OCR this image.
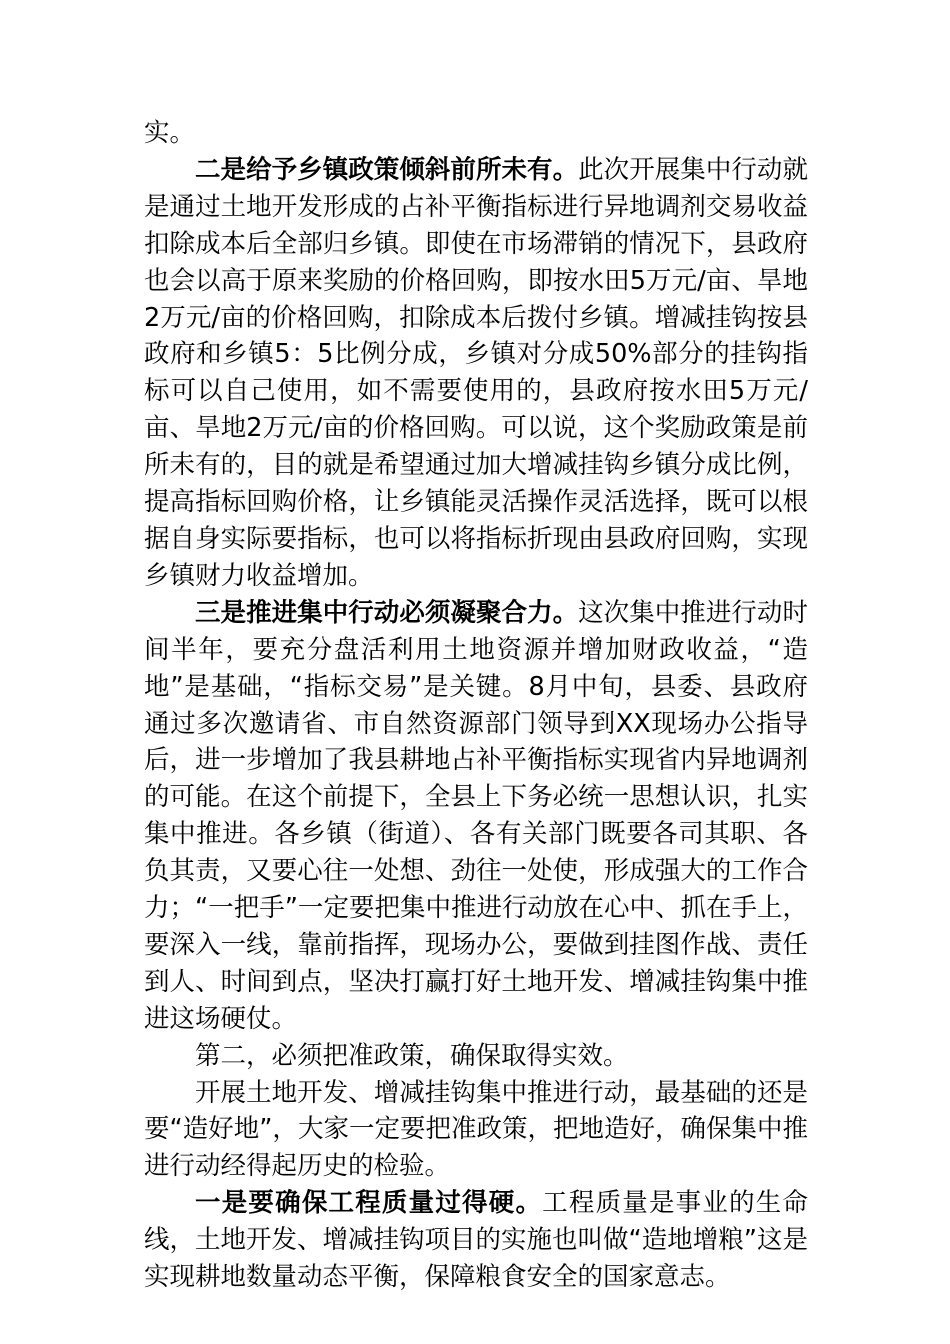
实。

二是给予乡镇政策倾斜前所未有。此次开展集中行动就是通过土地开发形成的占补平衡指标进行异地调剂交易收益扣除成本后全部归乡镇。即使在市场滞销的情况下，县政府也会以高于原来奖励的价格回购，即按水田5万元/亩、旱地2万元/亩的价格回购，扣除成本后拨付乡镇。增减挂钩按县政府和乡镇5：5比例分成，乡镇对分成50%部分的挂钩指标可以自己使用，如不需要使用的，县政府按水田5万元/亩、旱地2万元/亩的价格回购。可以说，这个奖励政策是前所未有的，目的就是希望通过加大增减挂钩乡镇分成比例，提高指标回购价格，让乡镇能灵活操作灵活选择，既可以根据自身实际要指标，也可以将指标折现由县政府回购，实现乡镇财力收益增加。

三是推进集中行动必须凝聚合力。这次集中推进行动时间半年，要充分盘活利用土地资源并增加财政收益，“造地”是基础，“指标交易”是关键。8月中旬，县委、县政府通过多次邀请省、市自然资源部门领导到XX现场办公指导后，进一步增加了我县耕地占补平衡指标实现省内异地调剂的可能。在这个前提下，全县上下务必统一思想认识，扎实集中推进。各乡镇（街道）、各有关部门既要各司其职、各负其责，又要心往一处想、劲往一处使，形成强大的工作合力；“一把手”一定要把集中推进行动放在心中、抓在手上，要深入一线，靠前指挥，现场办公，要做到挂图作战、责任到人、时间到点，坚决打赢打好土地开发、增减挂钩集中推进这场硬仗。

第二，必须把准政策，确保取得实效。

开展土地开发、增减挂钩集中推进行动，最基础的还是要“造好地”，大家一定要把准政策，把地造好，确保集中推进行动经得起历史的检验。

一是要确保工程质量过得硬。工程质量是事业的生命线，土地开发、增减挂钩项目的实施也叫做“造地增粮”这是实现耕地数量动态平衡，保障粮食安全的国家意志。
